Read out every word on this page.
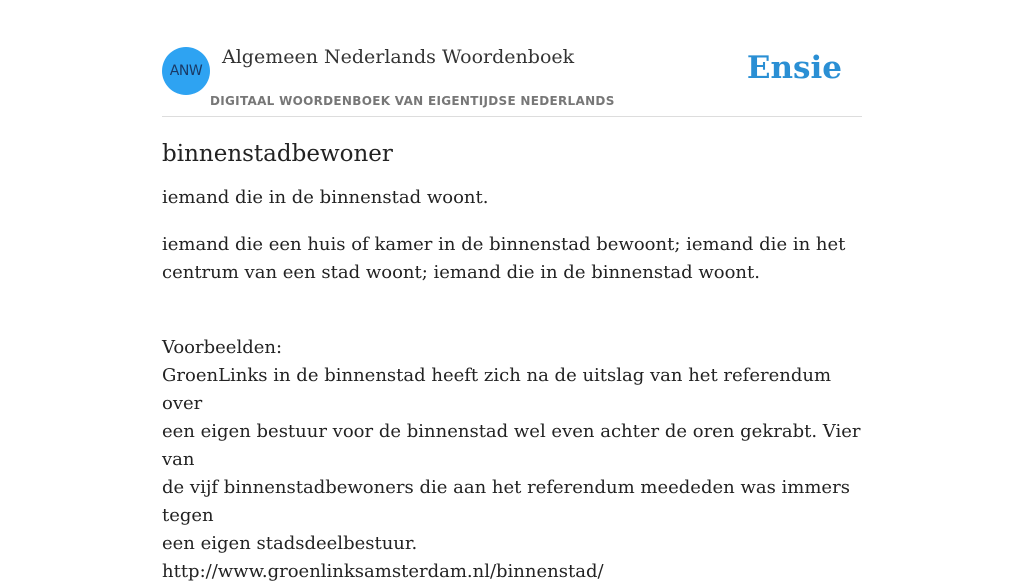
ANW
Algemeen Nederlands Woordenboek
DIGITAAL WOORDENBOEK VAN EIGENTIJDSE NEDERLANDS
Ensie
binnenstadbewoner

iemand die in de binnenstad woont.

iemand die een huis of kamer in de binnenstad bewoont; iemand die in het centrum van een stad woont; iemand die in de binnenstad woont.

Voorbeelden:
GroenLinks in de binnenstad heeft zich na de uitslag van het referendum over
een eigen bestuur voor de binnenstad wel even achter de oren gekrabt. Vier van
de vijf binnenstadbewoners die aan het referendum meededen was immers tegen
een eigen stadsdeelbestuur.
http://www.groenlinksamsterdam.nl/binnenstad/
